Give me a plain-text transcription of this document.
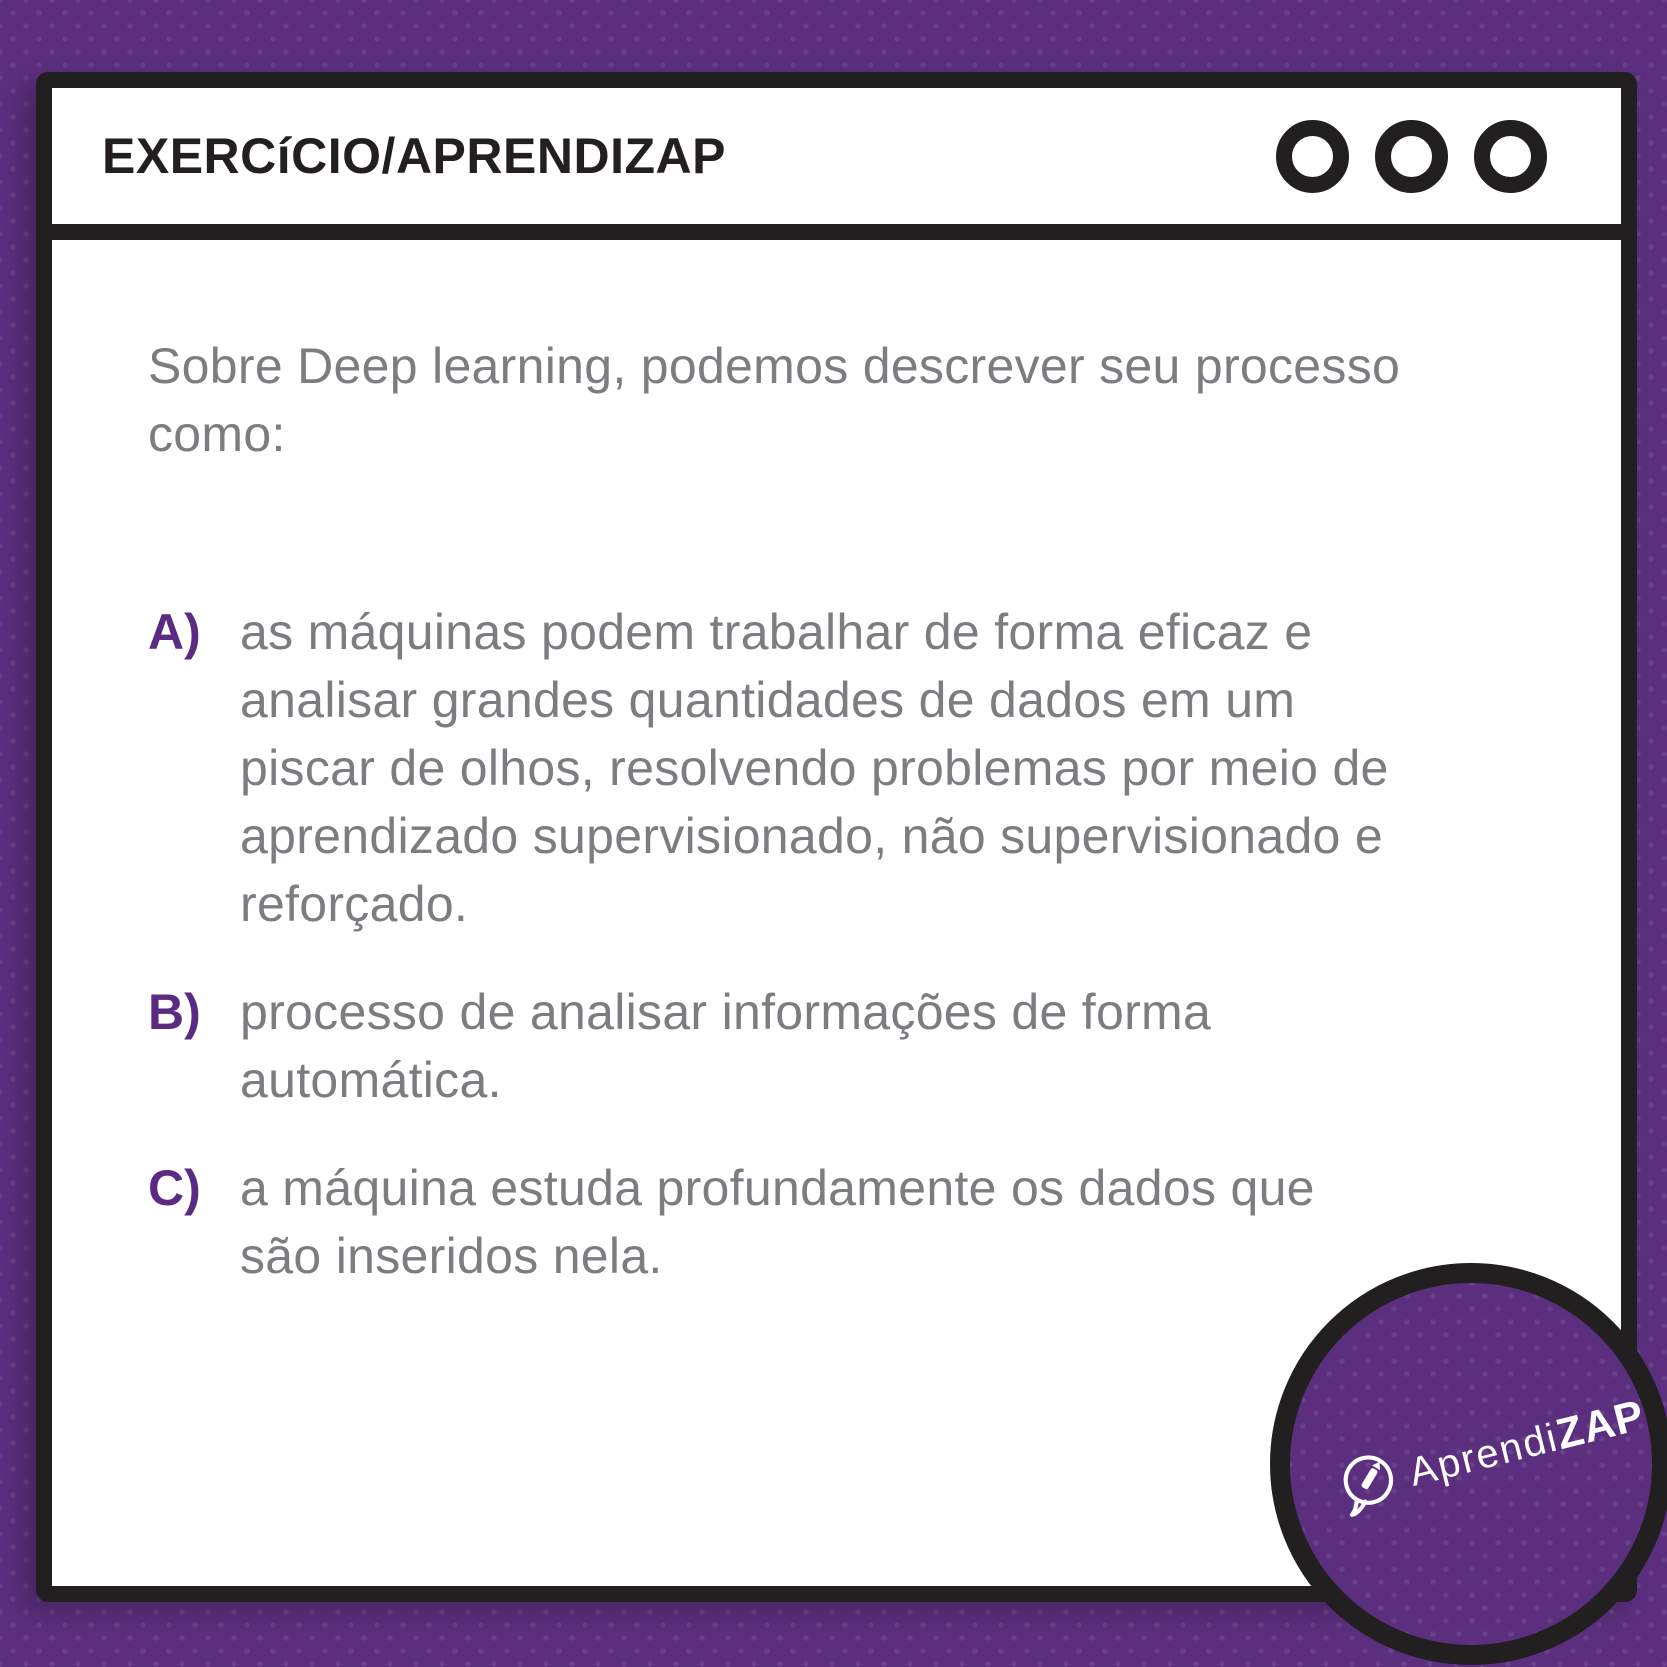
EXERCíCIO/APRENDIZAP
Sobre Deep learning, podemos descrever seu processo
como:
A) as máquinas podem trabalhar de forma eficaz e
analisar grandes quantidades de dados em um
piscar de olhos, resolvendo problemas por meio de
aprendizado supervisionado, não supervisionado e
reforçado.
B) processo de analisar informações de forma
automática.
C) a máquina estuda profundamente os dados que
são inseridos nela.
Aprendi
ZAP
